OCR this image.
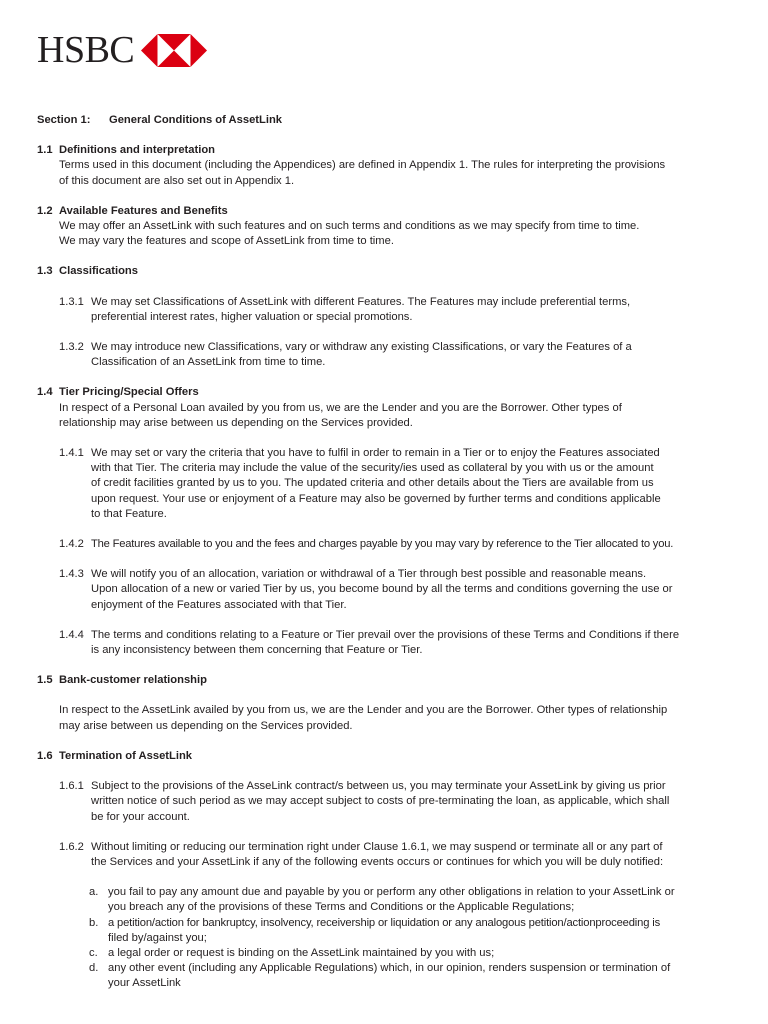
HSBC

Section 1: General Conditions of AssetLink

1.1 Definitions and interpretation

Terms used in this document (including the Appendices) are defined in Appendix 1. The rules for interpreting the provisions
of this document are also set out in Appendix 1.

1.2 Available Features and Benefits

We may offer an AssetLink with such features and on such terms and conditions as we may specify from time to time.
We may vary the features and scope of AssetLink from time to time.

1.3 Classifications

1.3.1 We may set Classifications of AssetLink with different Features. The Features may include preferential terms,
preferential interest rates, higher valuation or special promotions.
1.3.2 We may introduce new Classifications, vary or withdraw any existing Classifications, or vary the Features of a
Classification of an AssetLink from time to time.

1.4 Tier Pricing/Special Offers

In respect of a Personal Loan availed by you from us, we are the Lender and you are the Borrower. Other types of
relationship may arise between us depending on the Services provided.
1.4.1 We may set or vary the criteria that you have to fulfil in order to remain in a Tier or to enjoy the Features associated
with that Tier. The criteria may include the value of the security/ies used as collateral by you with us or the amount
of credit facilities granted by us to you. The updated criteria and other details about the Tiers are available from us
upon request. Your use or enjoyment of a Feature may also be governed by further terms and conditions applicable
to that Feature.
1.4.2 The Features available to you and the fees and charges payable by you may vary by reference to the Tier allocated to you.
1.4.3 We will notify you of an allocation, variation or withdrawal of a Tier through best possible and reasonable means.
Upon allocation of a new or varied Tier by us, you become bound by all the terms and conditions governing the use or
enjoyment of the Features associated with that Tier.
1.4.4 The terms and conditions relating to a Feature or Tier prevail over the provisions of these Terms and Conditions if there
is any inconsistency between them concerning that Feature or Tier.

1.5 Bank-customer relationship

In respect to the AssetLink availed by you from us, we are the Lender and you are the Borrower. Other types of relationship
may arise between us depending on the Services provided.

1.6 Termination of AssetLink

1.6.1 Subject to the provisions of the AsseLink contract/s between us, you may terminate your AssetLink by giving us prior
written notice of such period as we may accept subject to costs of pre-terminating the loan, as applicable, which shall
be for your account.
1.6.2 Without limiting or reducing our termination right under Clause 1.6.1, we may suspend or terminate all or any part of
the Services and your AssetLink if any of the following events occurs or continues for which you will be duly notified:
a. you fail to pay any amount due and payable by you or perform any other obligations in relation to your AssetLink or
you breach any of the provisions of these Terms and Conditions or the Applicable Regulations;
b. a petition/action for bankruptcy, insolvency, receivership or liquidation or any analogous petition/actionproceeding is
filed by/against you;
c. a legal order or request is binding on the AssetLink maintained by you with us;
d. any other event (including any Applicable Regulations) which, in our opinion, renders suspension or termination of
your AssetLink
